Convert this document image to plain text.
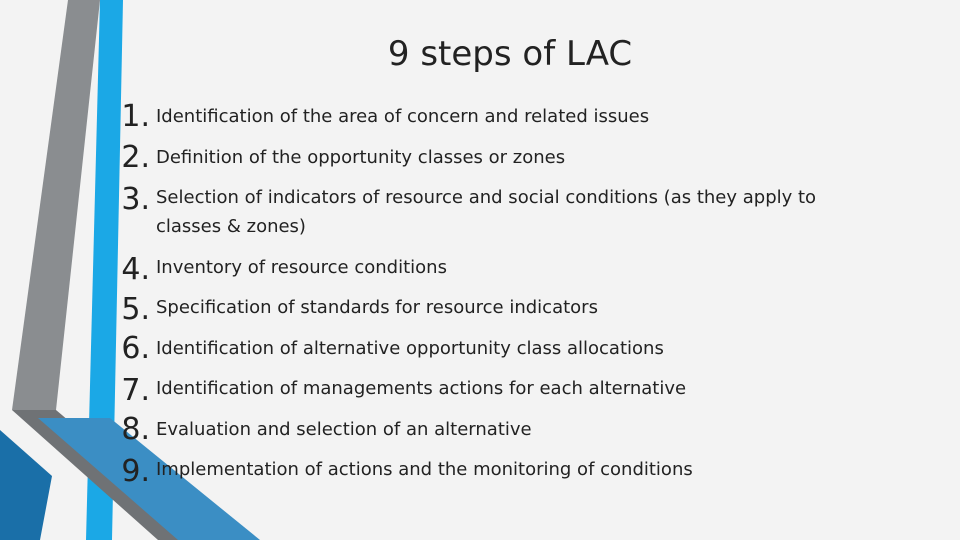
9 steps of LAC
1. Identification of the area of concern and related issues

2. Definition of the opportunity classes or zones

3. Selection of indicators of resource and social conditions (as they apply to classes & zones)

4. Inventory of resource conditions

5. Specification of standards for resource indicators

6. Identification of alternative opportunity class allocations

7. Identification of managements actions for each alternative

8. Evaluation and selection of an alternative

9. Implementation of actions and the monitoring of conditions
